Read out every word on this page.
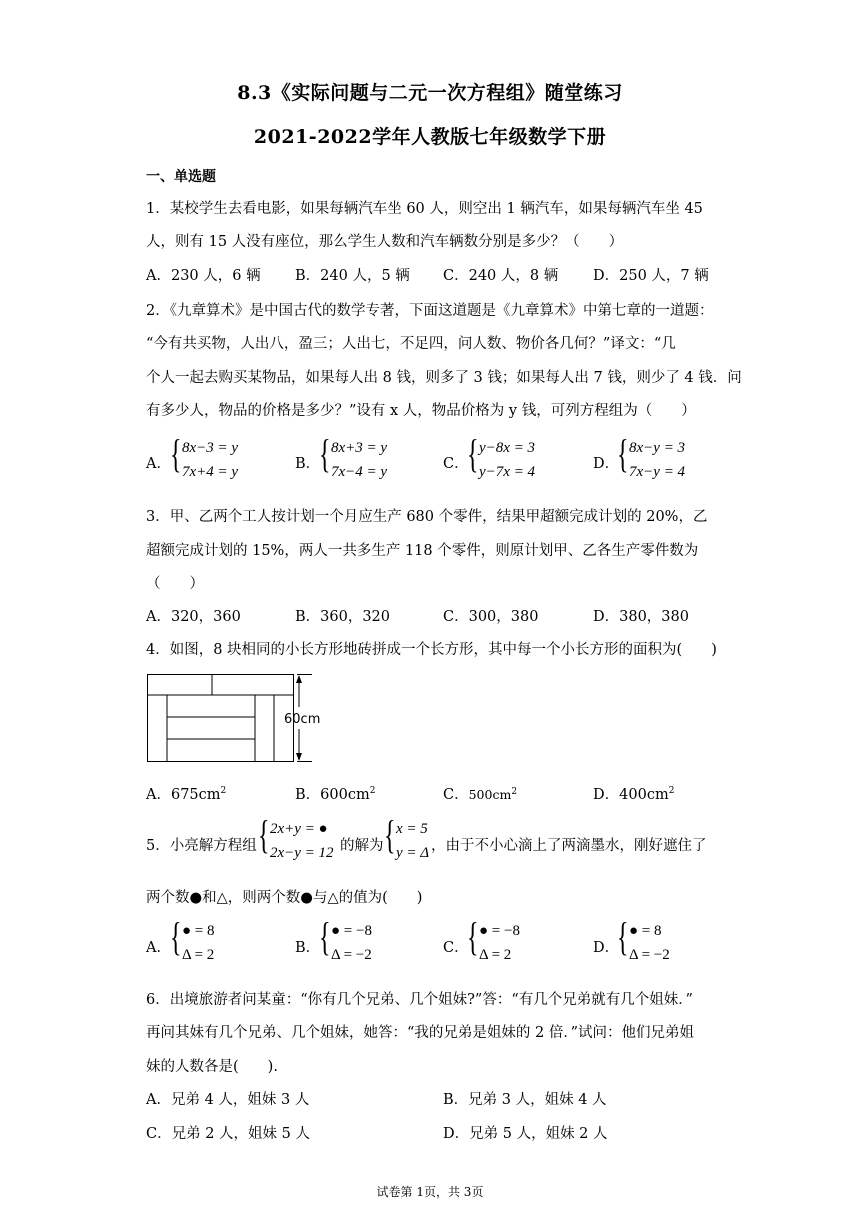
8.3《实际问题与二元一次方程组》随堂练习
2021-2022学年人教版七年级数学下册
一、单选题
1．某校学生去看电影，如果每辆汽车坐 60 人，则空出 1 辆汽车，如果每辆汽车坐 45
人，则有 15 人没有座位，那么学生人数和汽车辆数分别是多少？（　　）
A．230 人，6 辆 B．240 人，5 辆 C．240 人，8 辆 D．250 人，7 辆
2．《九章算术》是中国古代的数学专著，下面这道题是《九章算术》中第七章的一道题：
“今有共买物，人出八，盈三；人出七，不足四，问人数、物价各几何？”译文：“几
个人一起去购买某物品，如果每人出 8 钱，则多了 3 钱；如果每人出 7 钱，则少了 4 钱．问
有多少人，物品的价格是多少？”设有 x 人，物品价格为 y 钱，可列方程组为（　　）
A． { 8x−3 = y
7x+4 = y	B．
{ 8x+3 = y
7x−4 = y	C．
{ y−8x = 3
y−7x = 4	D．
{ 8x−y = 3
7x−y = 4
3．甲、乙两个工人按计划一个月应生产 680 个零件，结果甲超额完成计划的 20%，乙
超额完成计划的 15%，两人一共多生产 118 个零件，则原计划甲、乙各生产零件数为
（　　）
A．320，360	B．360，320	C．300，380	D．380，380
4．如图，8 块相同的小长方形地砖拼成一个长方形，其中每一个小长方形的面积为(　　)
60cm
A．$675cm^2$	B．$600cm^2$	C．$500cm^2$	D．$400cm^2$
5．小亮解方程组 { 2x+y = ●
2x−y = 12 的解为 { x = 5
y = Δ ，由于不小心滴上了两滴墨水，刚好遮住了
两个数●和△，则两个数●与△的值为(　　)
A． { ● = 8
Δ = 2	B．
{ ● = −8
Δ = −2	C．
{ ● = −8
Δ = 2	D．
{ ● = 8
Δ = −2
6．出境旅游者问某童：“你有几个兄弟、几个姐妹?”答：“有几个兄弟就有几个姐妹．”
再问其妹有几个兄弟、几个姐妹，她答：“我的兄弟是姐妹的 2 倍．”试问：他们兄弟姐
妹的人数各是(　　).
A．兄弟 4 人，姐妹 3 人	B．兄弟 3 人，姐妹 4 人
C．兄弟 2 人，姐妹 5 人	D．兄弟 5 人，姐妹 2 人
试卷第 1页，共 3页
